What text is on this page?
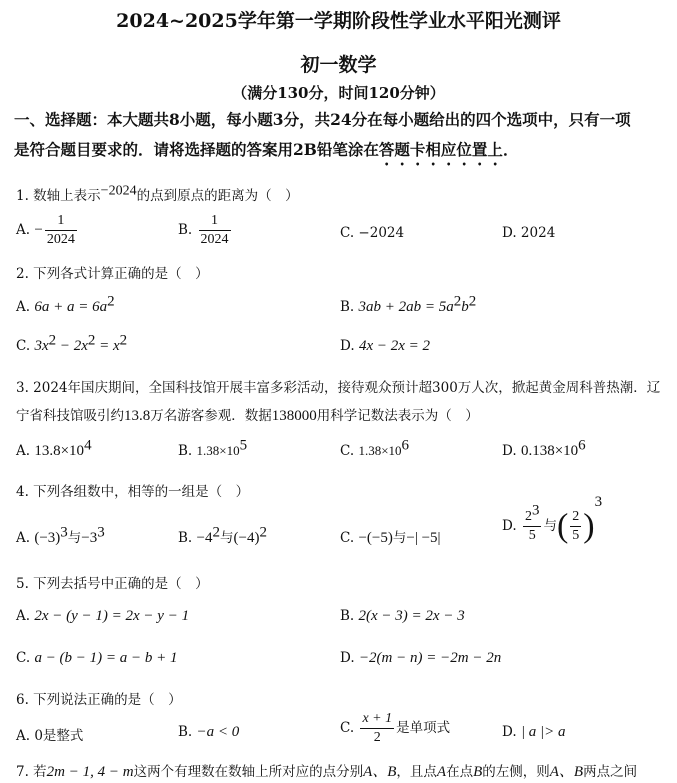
2024~2025学年第一学期阶段性学业水平阳光测评
初一数学
（满分130分，时间120分钟）
一、选择题：本大题共8小题，每小题3分，共24分在每小题给出的四个选项中，只有一项
是符合题目要求的．请将选择题的答案用2B铅笔涂在答题卡相应位置上．
1. 数轴上表示$^{-2024}$的点到原点的距离为（　）
A. − $\frac{1}{2024}$	B. $\frac{1}{2024}$	C. −2024	D. 2024
2. 下列各式计算正确的是（　）
A. $6a + a = 6a^2$	B. $3ab + 2ab = 5a^2b^2$
C. $3x^2 - 2x^2 = x^2$	D. 4x − 2x = 2
3. 2024年国庆期间，全国科技馆开展丰富多彩活动，接待观众预计超300万人次，掀起黄金周科普热潮．辽
宁省科技馆吸引约13.8万名游客参观．数据138000用科学记数法表示为（　）
A. $13.8\times 10^4$	B. $1.38\times 10^5$	C. $1.38\times 10^6$	D. $0.138\times 10^6$
4. 下列各组数中，相等的一组是（　）
A. $(-3)^3$与$-3^3$	B. $-4^2$与$(-4)^2$	C. −(−5)与−| −5|
D. $\frac{2^3}{5}$ 与( $\frac{2}{5} )^3$
5. 下列去括号中正确的是（　）
A. 2x − (y − 1) = 2x − y − 1	B. 2(x − 3) = 2x − 3
C. a − (b − 1) = a − b + 1	D. −2(m − n) = −2m − 2n
6. 下列说法正确的是（　）
A. 0是整式	B. −a < 0	C. $\frac{x + 1}{2}$ 是单项式	D. | a |> a
7. 若2m − 1, 4 − m这两个有理数在数轴上所对应的点分别A、B，且点A在点B的左侧，则A、B两点之间
